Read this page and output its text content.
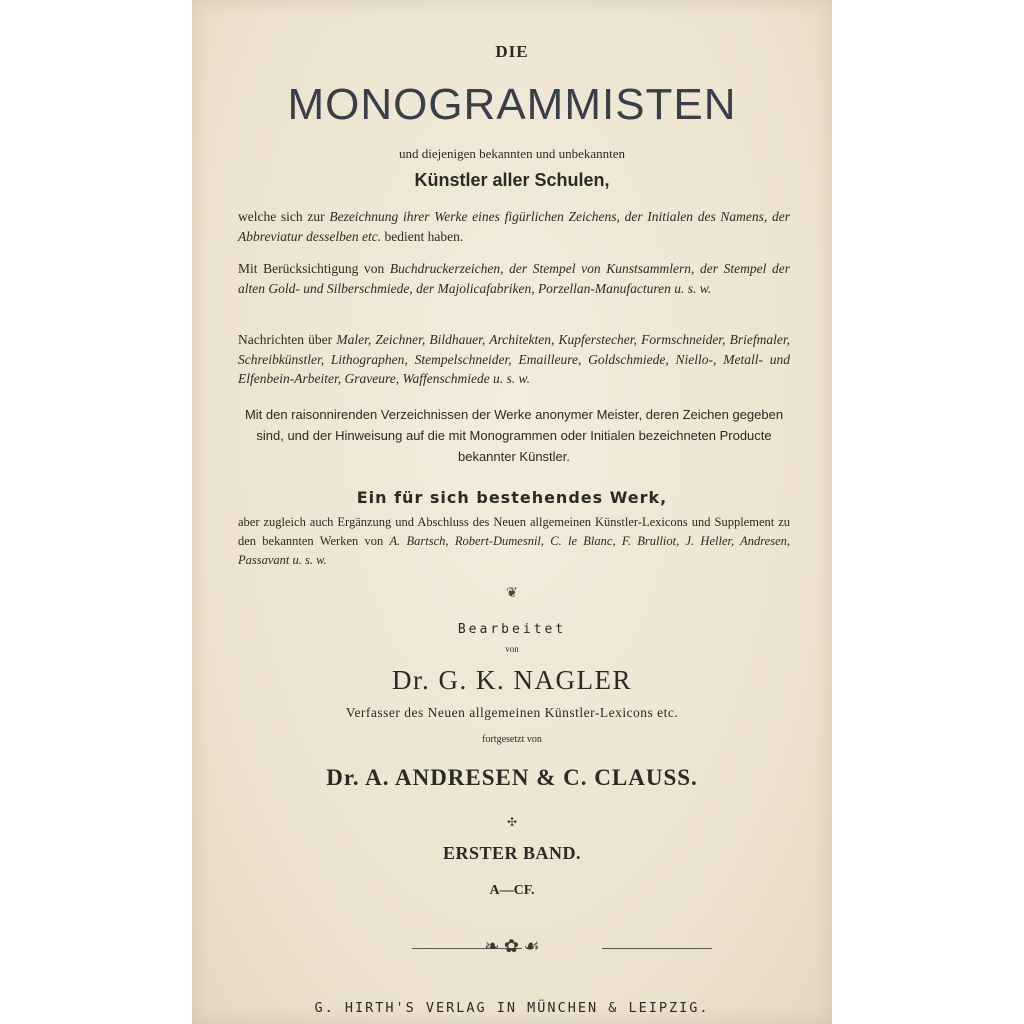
DIE
MONOGRAMMISTEN
und diejenigen bekannten und unbekannten
Künstler aller Schulen,
welche sich zur Bezeichnung ihrer Werke eines figürlichen Zeichens, der Initialen des Namens, der Abbreviatur desselben etc. bedient haben.
Mit Berücksichtigung von Buchdruckerzeichen, der Stempel von Kunstsammlern, der Stempel der alten Gold- und Silberschmiede, der Majolicafabriken, Porzellan-Manufacturen u. s. w.
Nachrichten über Maler, Zeichner, Bildhauer, Architekten, Kupferstecher, Formschneider, Briefmaler, Schreibkünstler, Lithographen, Stempelschneider, Emailleure, Goldschmiede, Niello-, Metall- und Elfenbein-Arbeiter, Graveure, Waffenschmiede u. s. w.
Mit den raisonnirenden Verzeichnissen der Werke anonymer Meister, deren Zeichen gegeben sind, und der Hinweisung auf die mit Monogrammen oder Initialen bezeichneten Producte bekannter Künstler.
Ein für sich bestehendes Werk,
aber zugleich auch Ergänzung und Abschluss des Neuen allgemeinen Künstler-Lexicons und Supplement zu den bekannten Werken von A. Bartsch, Robert-Dumesnil, C. le Blanc, F. Brulliot, J. Heller, Andresen, Passavant u. s. w.
❦
Bearbeitet
von
Dr. G. K. NAGLER
Verfasser des Neuen allgemeinen Künstler-Lexicons etc.
fortgesetzt von
Dr. A. ANDRESEN & C. CLAUSS.
✣
ERSTER BAND.
A—CF.
❧ ✿ ☙
G. HIRTH'S VERLAG IN MÜNCHEN & LEIPZIG.
